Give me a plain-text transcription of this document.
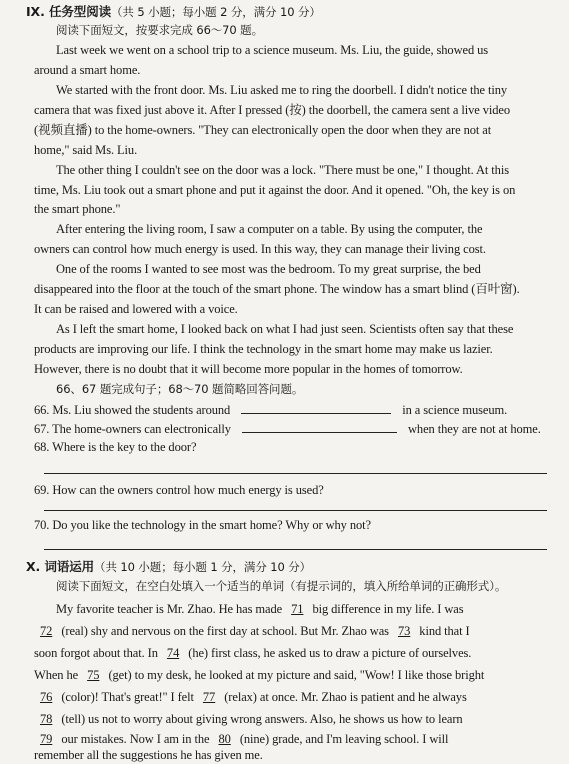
IX. 任务型阅读（共 5 小题；每小题 2 分，满分 10 分）
阅读下面短文，按要求完成 66～70 题。
Last week we went on a school trip to a science museum. Ms. Liu, the guide, showed us
around a smart home.
We started with the front door. Ms. Liu asked me to ring the doorbell. I didn't notice the tiny
camera that was fixed just above it. After I pressed (按) the doorbell, the camera sent a live video
(视频直播) to the home-owners. "They can electronically open the door when they are not at
home," said Ms. Liu.
The other thing I couldn't see on the door was a lock. "There must be one," I thought. At this
time, Ms. Liu took out a smart phone and put it against the door. And it opened. "Oh, the key is on
the smart phone."
After entering the living room, I saw a computer on a table. By using the computer, the
owners can control how much energy is used. In this way, they can manage their living cost.
One of the rooms I wanted to see most was the bedroom. To my great surprise, the bed
disappeared into the floor at the touch of the smart phone. The window has a smart blind (百叶窗).
It can be raised and lowered with a voice.
As I left the smart home, I looked back on what I had just seen. Scientists often say that these
products are improving our life. I think the technology in the smart home may make us lazier.
However, there is no doubt that it will become more popular in the homes of tomorrow.
66、67 题完成句子；68～70 题简略回答问题。
66. Ms. Liu showed the students around	in a science museum.
67. The home-owners can electronically	when they are not at home.
68. Where is the key to the door?
69. How can the owners control how much energy is used?
70. Do you like the technology in the smart home? Why or why not?
X. 词语运用（共 10 小题；每小题 1 分，满分 10 分）
阅读下面短文，在空白处填入一个适当的单词（有提示词的，填入所给单词的正确形式）。
My favorite teacher is Mr. Zhao. He has made 71 big difference in my life. I was
72 (real) shy and nervous on the first day at school. But Mr. Zhao was 73 kind that I
soon forgot about that. In 74 (he) first class, he asked us to draw a picture of ourselves.
When he 75 (get) to my desk, he looked at my picture and said, "Wow! I like those bright
76 (color)! That's great!" I felt 77 (relax) at once. Mr. Zhao is patient and he always
78 (tell) us not to worry about giving wrong answers. Also, he shows us how to learn
79 our mistakes. Now I am in the 80 (nine) grade, and I'm leaving school. I will
remember all the suggestions he has given me.
